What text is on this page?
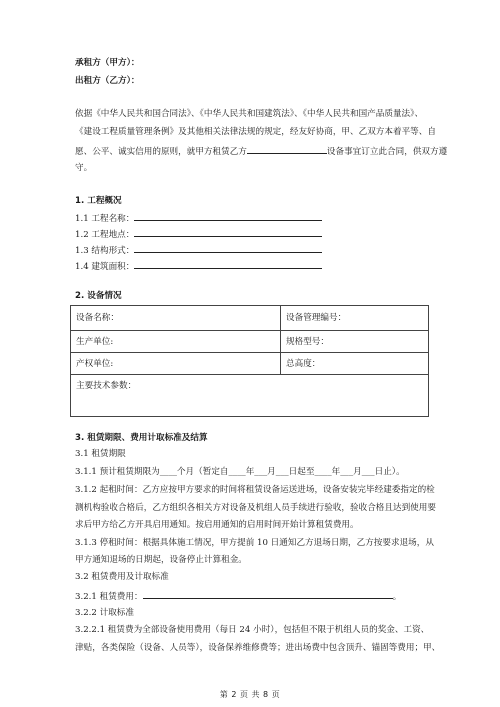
承租方（甲方）：
出租方（乙方）：
依据《中华人民共和国合同法》、《中华人民共和国建筑法》、《中华人民共和国产品质量法》、
《建设工程质量管理条例》及其他相关法律法规的规定，经友好协商，甲、乙双方本着平等、自
愿、公平、诚实信用的原则，就甲方租赁乙方	设备事宜订立此合同，供双方遵
守。
1. 工程概况
1.1 工程名称：
1.2 工程地点：
1.3 结构形式：
1.4 建筑面积：
2. 设备情况
设备名称：	设备管理编号：
生产单位:	规格型号：
产权单位:	总高度：
主要技术参数：
3. 租赁期限、费用计取标准及结算
3.1 租赁期限
3.1.1 预计租赁期限为____个月（暂定自____年___月___日起至____年___月___日止）。
3.1.2 起租时间：乙方应按甲方要求的时间将租赁设备运送进场，设备安装完毕经建委指定的检
测机构验收合格后，乙方组织各相关方对设备及机组人员手续进行验收，验收合格且达到使用要
求后甲方给乙方开具启用通知。按启用通知的启用时间开始计算租赁费用。
3.1.3 停租时间：根据具体施工情况，甲方提前 10 日通知乙方退场日期，乙方按要求退场，从
甲方通知退场的日期起，设备停止计算租金。
3.2 租赁费用及计取标准
3.2.1 租赁费用：	。
3.2.2 计取标准
3.2.2.1 租赁费为全部设备使用费用（每日 24 小时），包括但不限于机组人员的奖金、工资、
津贴，各类保险（设备、人员等），设备保养维修费等；进出场费中包含顶升、锚固等费用；甲、
第 2 页 共 8 页
